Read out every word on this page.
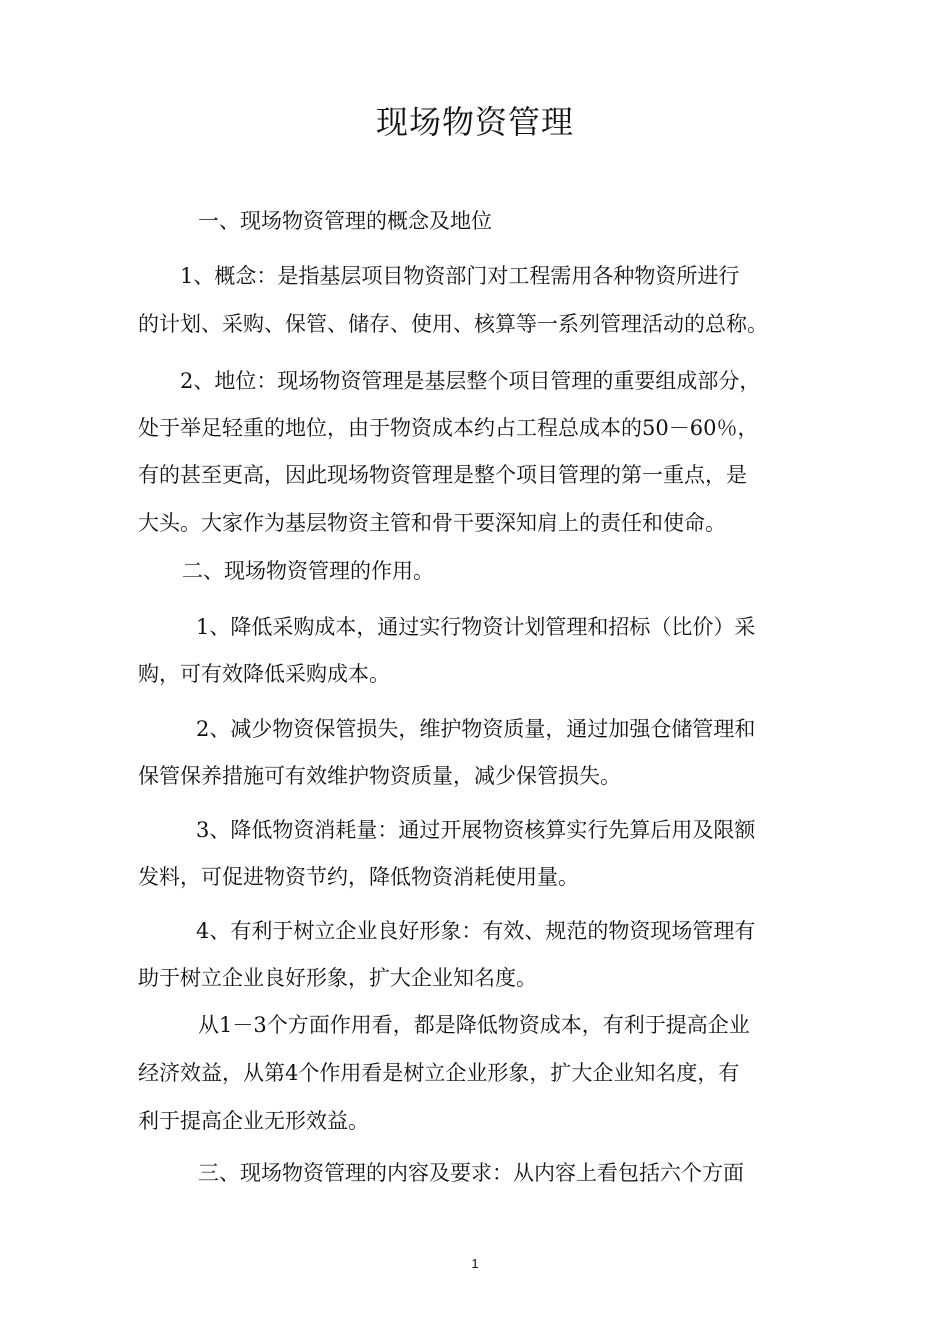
现场物资管理
一、现场物资管理的概念及地位
1、概念：是指基层项目物资部门对工程需用各种物资所进行
的计划、采购、保管、储存、使用、核算等一系列管理活动的总称。
2、地位：现场物资管理是基层整个项目管理的重要组成部分，
处于举足轻重的地位，由于物资成本约占工程总成本的50－60％，
有的甚至更高，因此现场物资管理是整个项目管理的第一重点，是
大头。大家作为基层物资主管和骨干要深知肩上的责任和使命。
二、现场物资管理的作用。
1、降低采购成本，通过实行物资计划管理和招标（比价）采
购，可有效降低采购成本。
2、减少物资保管损失，维护物资质量，通过加强仓储管理和
保管保养措施可有效维护物资质量，减少保管损失。
3、降低物资消耗量：通过开展物资核算实行先算后用及限额
发料，可促进物资节约，降低物资消耗使用量。
4、有利于树立企业良好形象：有效、规范的物资现场管理有
助于树立企业良好形象，扩大企业知名度。
从1－3个方面作用看，都是降低物资成本，有利于提高企业
经济效益，从第4个作用看是树立企业形象，扩大企业知名度，有
利于提高企业无形效益。
三、现场物资管理的内容及要求：从内容上看包括六个方面
1
